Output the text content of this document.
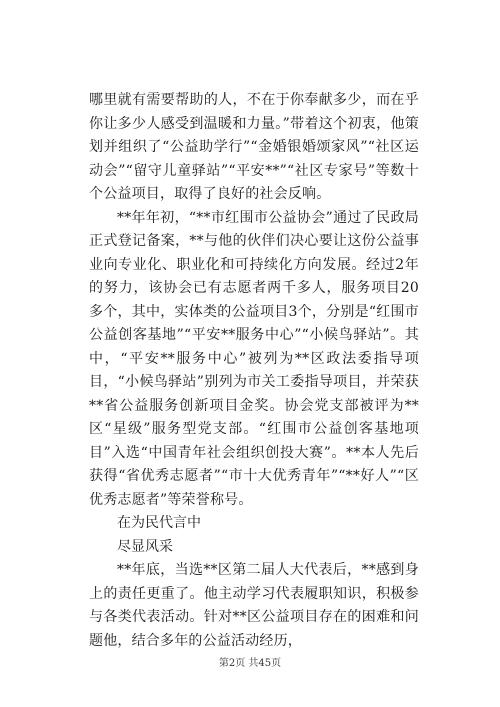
哪里就有需要帮助的人，不在于你奉献多少，而在乎你让多少人感受到温暖和力量。”带着这个初衷，他策划并组织了“公益助学行”“金婚银婚颂家风”“社区运动会”“留守儿童驿站”“平安**”“社区专家号”等数十个公益项目，取得了良好的社会反响。

**年年初，“**市红围市公益协会”通过了民政局正式登记备案，**与他的伙伴们决心要让这份公益事业向专业化、职业化和可持续化方向发展。经过2年的努力，该协会已有志愿者两千多人，服务项目20多个，其中，实体类的公益项目3个，分别是“红围市公益创客基地”“平安**服务中心”“小候鸟驿站”。其中，“平安**服务中心”被列为**区政法委指导项目，“小候鸟驿站”别列为市关工委指导项目，并荣获**省公益服务创新项目金奖。协会党支部被评为**区“星级”服务型党支部。“红围市公益创客基地项目”入选“中国青年社会组织创投大赛”。**本人先后获得“省优秀志愿者”“市十大优秀青年”“**好人”“区优秀志愿者”等荣誉称号。

在为民代言中

尽显风采

**年底，当选**区第二届人大代表后，**感到身上的责任更重了。他主动学习代表履职知识，积极参与各类代表活动。针对**区公益项目存在的困难和问题他，结合多年的公益活动经历，

第2页 共45页
